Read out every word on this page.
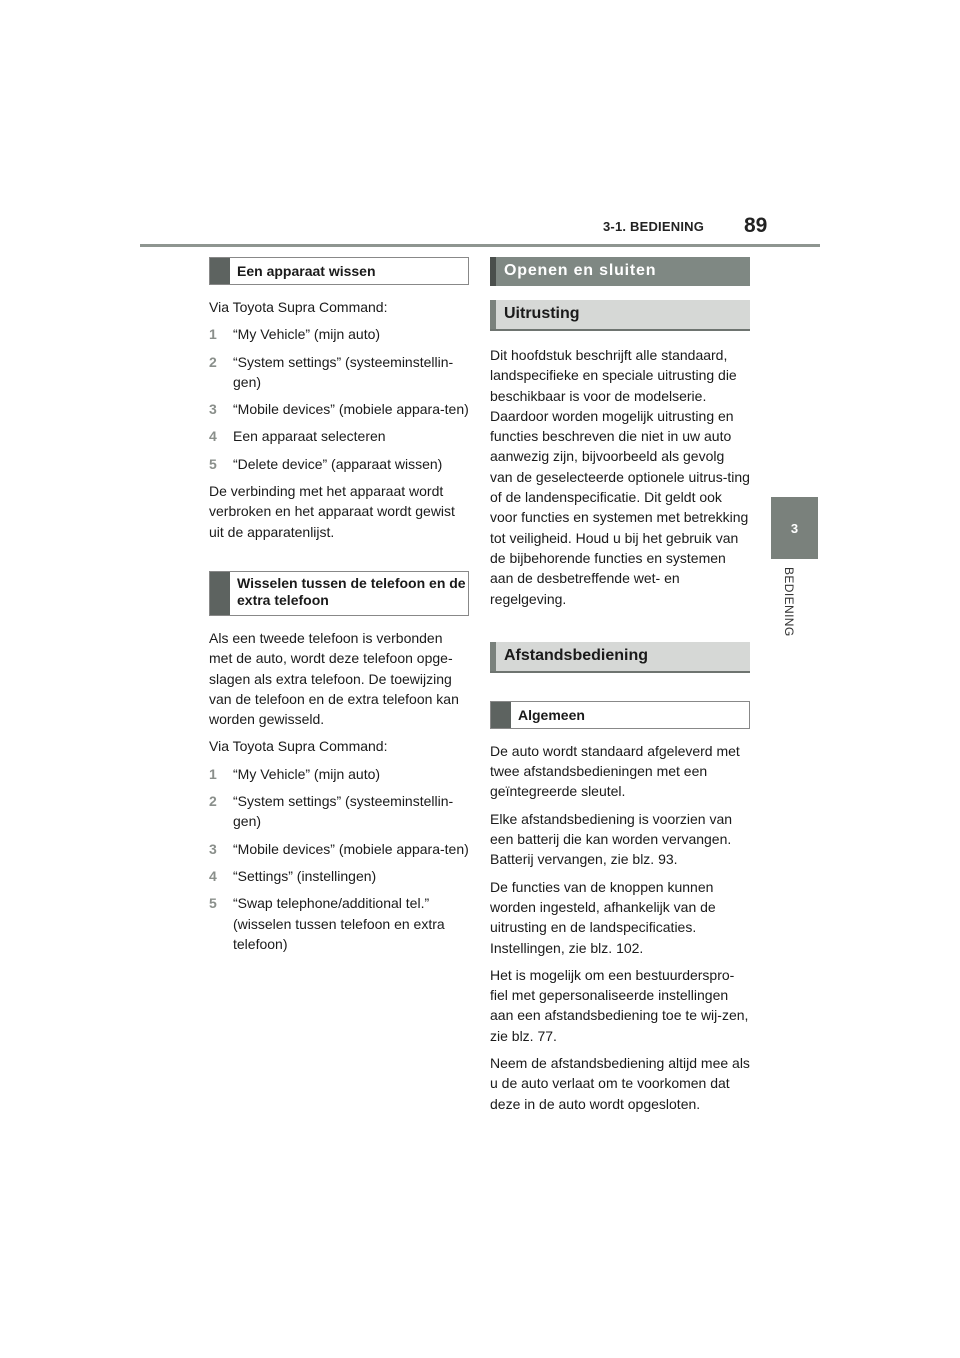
3-1. BEDIENING 89
3
BEDIENING
Een apparaat wissen

Via Toyota Supra Command:

1	“My Vehicle” (mijn auto)
2	“System settings” (systeeminstellin-gen)
3	“Mobile devices” (mobiele appara-ten)
4	Een apparaat selecteren
5	“Delete device” (apparaat wissen)

De verbinding met het apparaat wordt verbroken en het apparaat wordt gewist uit de apparatenlijst.

Wisselen tussen de telefoon en de extra telefoon

Als een tweede telefoon is verbonden met de auto, wordt deze telefoon opge-slagen als extra telefoon. De toewijzing van de telefoon en de extra telefoon kan worden gewisseld.

Via Toyota Supra Command:

1	“My Vehicle” (mijn auto)
2	“System settings” (systeeminstellin-gen)
3	“Mobile devices” (mobiele appara-ten)
4	“Settings” (instellingen)
5	“Swap telephone/additional tel.” (wisselen tussen telefoon en extra telefoon)
Openen en sluiten
Uitrusting

Dit hoofdstuk beschrijft alle standaard, landspecifieke en speciale uitrusting die beschikbaar is voor de modelserie. Daardoor worden mogelijk uitrusting en functies beschreven die niet in uw auto aanwezig zijn, bijvoorbeeld als gevolg van de geselecteerde optionele uitrus-ting of de landenspecificatie. Dit geldt ook voor functies en systemen met betrekking tot veiligheid. Houd u bij het gebruik van de bijbehorende functies en systemen aan de desbetreffende wet- en regelgeving.

Afstandsbediening
Algemeen

De auto wordt standaard afgeleverd met twee afstandsbedieningen met een geïntegreerde sleutel.

Elke afstandsbediening is voorzien van een batterij die kan worden vervangen. Batterij vervangen, zie blz. 93.

De functies van de knoppen kunnen worden ingesteld, afhankelijk van de uitrusting en de landspecificaties. Instellingen, zie blz. 102.

Het is mogelijk om een bestuurderspro-fiel met gepersonaliseerde instellingen aan een afstandsbediening toe te wij-zen, zie blz. 77.

Neem de afstandsbediening altijd mee als u de auto verlaat om te voorkomen dat deze in de auto wordt opgesloten.
